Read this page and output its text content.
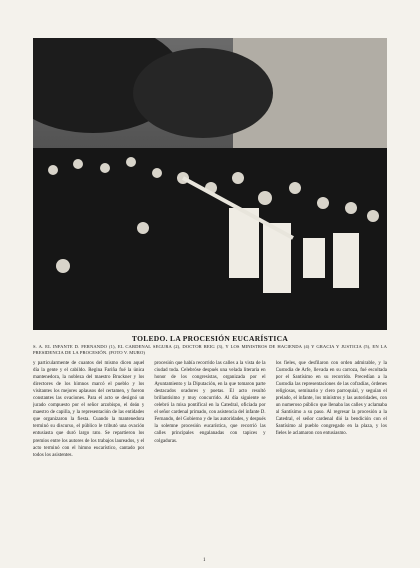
TOLEDO. LA PROCESIÓN EUCARÍSTICA
S. A. EL INFANTE D. FERNANDO (1), EL CARDENAL SEGURA (2), DOCTOR REIG (3), Y LOS MINISTROS DE HACIENDA (4) Y GRACIA Y JUSTICIA (5), EN LA PRESIDENCIA DE LA PROCESIÓN. (FOTO V. MURO)
y particularmente de cuantos del mismo dicen aquel día la gente y el cabildo. Regina Fariña fué la única mantenedora, la nobleza del maestro Bruckner y los directores de los himnos marcó el pueblo y los visitantes los mejores aplausos del certamen, y fueron constantes las ovaciones. Para el acto se designó un jurado compuesto por el señor arzobispo, el deán y maestro de capilla, y la representación de las entidades que organizaron la fiesta. Cuando la mantenedora terminó su discurso, el público le tributó una ovación entusiasta que duró largo rato. Se repartieron los premios entre los autores de los trabajos laureados, y el acto terminó con el himno eucarístico, cantado por todos los asistentes.
procesión que había recorrido las calles a la vista de la ciudad toda. Celebróse después una velada literaria en honor de los congresistas, organizada por el Ayuntamiento y la Diputación, en la que tomaron parte destacados oradores y poetas. El acto resultó brillantísimo y muy concurrido. Al día siguiente se celebró la misa pontifical en la Catedral, oficiada por el señor cardenal primado, con asistencia del infante D. Fernando, del Gobierno y de las autoridades, y después la solemne procesión eucarística, que recorrió las calles principales engalanadas con tapices y colgaduras.
los fieles, que desfilaron con orden admirable, y la Custodia de Arfe, llevada en su carroza, fué escoltada por el Santísimo en su recorrido. Precedían a la Custodia las representaciones de las cofradías, órdenes religiosas, seminario y clero parroquial, y seguían el prelado, el infante, los ministros y las autoridades, con un numeroso público que llenaba las calles y aclamaba al Santísimo a su paso. Al regresar la procesión a la Catedral, el señor cardenal dió la bendición con el Santísimo al pueblo congregado en la plaza, y los fieles le aclamaron con entusiasmo.
1
